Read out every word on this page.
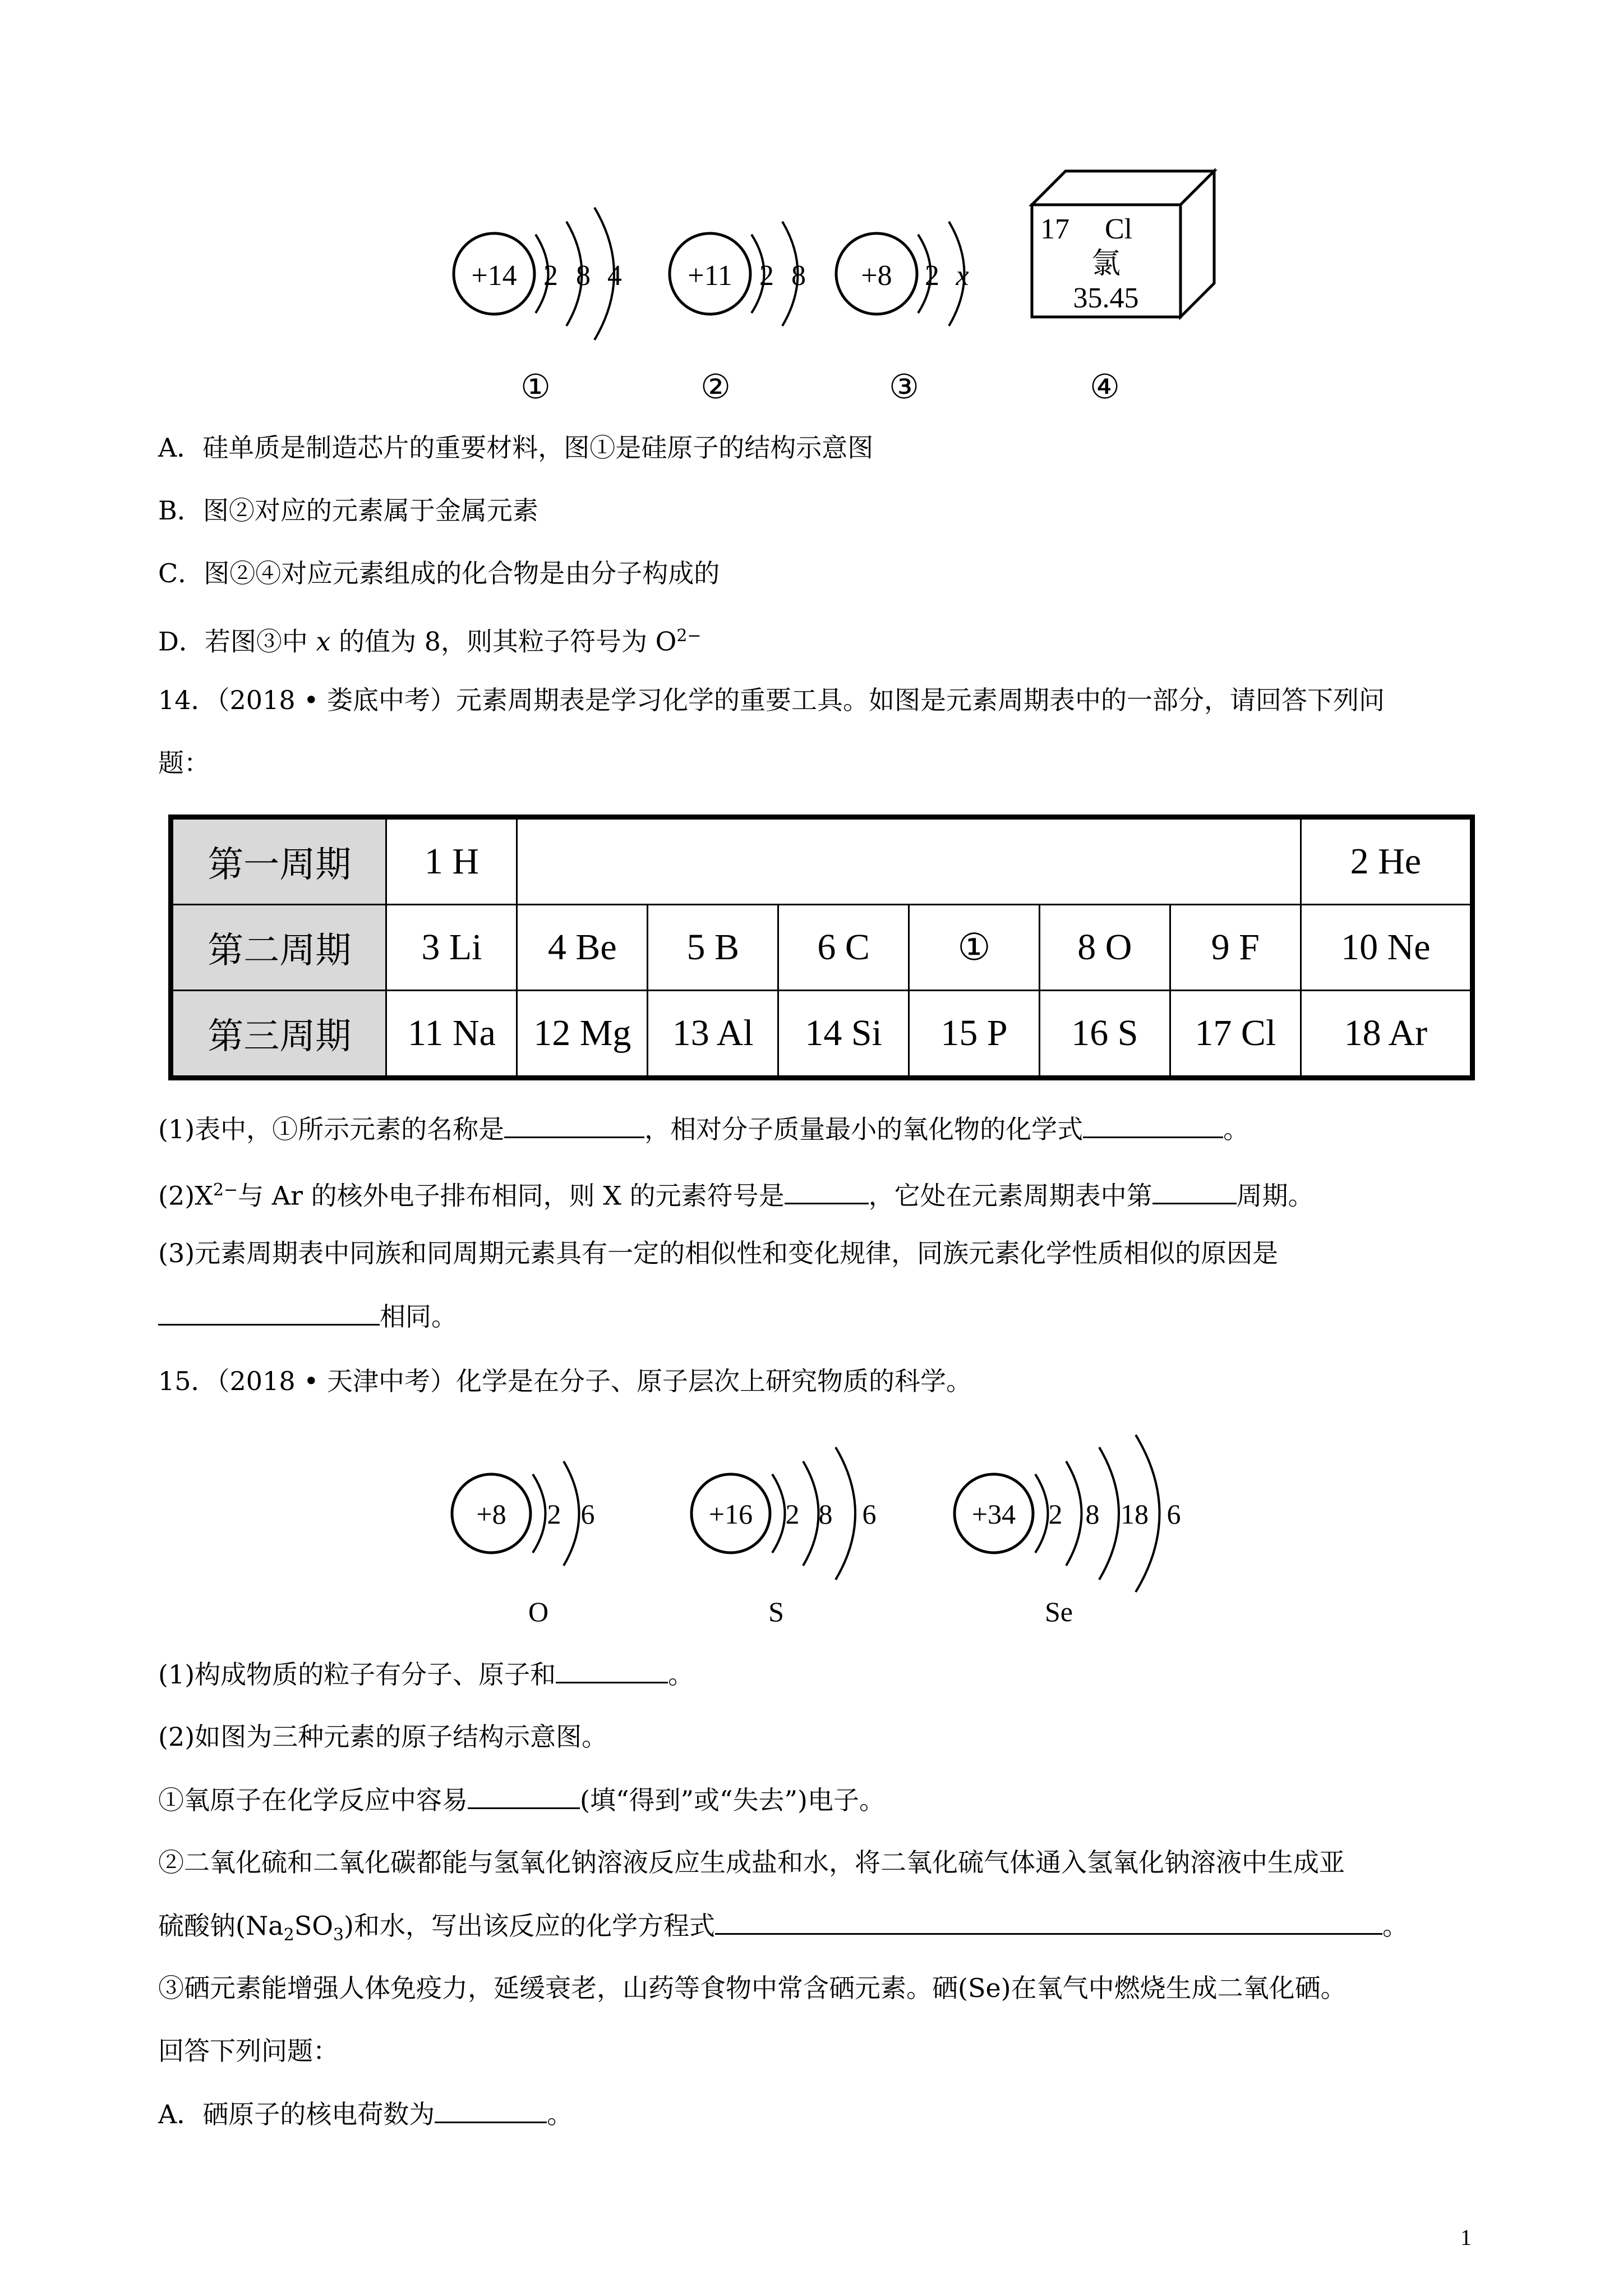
+14 2 8 4
①
+11 2 8
②
+8 2 x
③
17 Cl
氯
35.45
④
A．硅单质是制造芯片的重要材料，图①是硅原子的结构示意图
B．图②对应的元素属于金属元素
C．图②④对应元素组成的化合物是由分子构成的
D．若图③中 x 的值为 8，则其粒子符号为 $O^{2-}$
14．（2018 • 娄底中考）元素周期表是学习化学的重要工具。如图是元素周期表中的一部分，请回答下列问
题：
第一周期	1 H							2 He
第二周期	3 Li	4 Be	5 B	6 C	①	8 O	9 F	10 Ne
第三周期	11 Na	12 Mg	13 Al	14 Si	15 P	16 S	17 Cl	18 Ar
(1)表中，①所示元素的名称是	，相对分子质量最小的氧化物的化学式	。
$(2)X^{2-}$与 Ar 的核外电子排布相同，则 X 的元素符号是	，它处在元素周期表中第	周期。
(3)元素周期表中同族和同周期元素具有一定的相似性和变化规律，同族元素化学性质相似的原因是
相同。
15．（2018 • 天津中考）化学是在分子、原子层次上研究物质的科学。
+8 2 6
O
+16 2 8 6
S
+34 2 8 18 6
Se
(1)构成物质的粒子有分子、原子和	。
(2)如图为三种元素的原子结构示意图。
①氧原子在化学反应中容易	(填“得到”或“失去”)电子。
②二氧化硫和二氧化碳都能与氢氧化钠溶液反应生成盐和水，将二氧化硫气体通入氢氧化钠溶液中生成亚
硫酸钠$(Na_2SO_3)$和水，写出该反应的化学方程式	。
③硒元素能增强人体免疫力，延缓衰老，山药等食物中常含硒元素。硒(Se)在氧气中燃烧生成二氧化硒。
回答下列问题：
A．硒原子的核电荷数为	。
1
